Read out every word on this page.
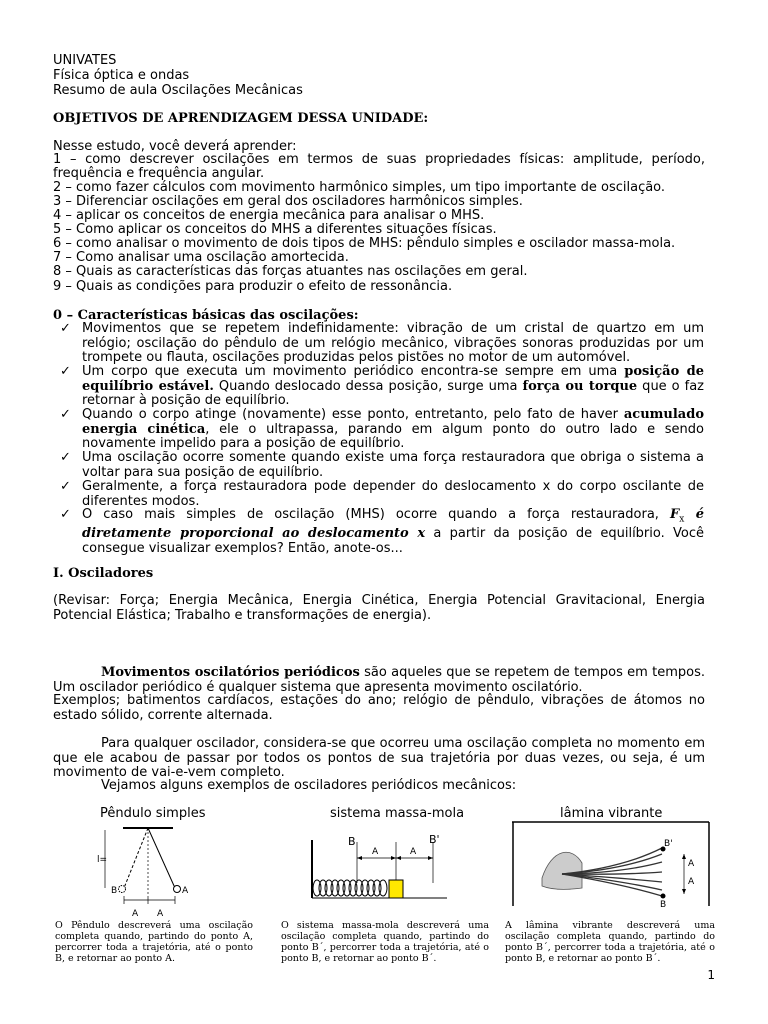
UNIVATES
Física óptica e ondas
Resumo de aula Oscilações Mecânicas
OBJETIVOS DE APRENDIZAGEM DESSA UNIDADE:
Nesse estudo, você deverá aprender:
1 – como descrever oscilações em termos de suas propriedades físicas: amplitude, período, frequência e frequência angular.
2 – como fazer cálculos com movimento harmônico simples, um tipo importante de oscilação.
3 – Diferenciar oscilações em geral dos osciladores harmônicos simples.
4 – aplicar os conceitos de energia mecânica para analisar o MHS.
5 – Como aplicar os conceitos do MHS a diferentes situações físicas.
6 – como analisar o movimento de dois tipos de MHS: pêndulo simples e oscilador massa-mola.
7 – Como analisar uma oscilação amortecida.
8 – Quais as características das forças atuantes nas oscilações em geral.
9 – Quais as condições para produzir o efeito de ressonância.
0 – Características básicas das oscilações:
✓ Movimentos que se repetem indefinidamente: vibração de um cristal de quartzo em um relógio; oscilação do pêndulo de um relógio mecânico, vibrações sonoras produzidas por um trompete ou flauta, oscilações produzidas pelos pistões no motor de um automóvel.
✓ Um corpo que executa um movimento periódico encontra-se sempre em uma posição de equilíbrio estável. Quando deslocado dessa posição, surge uma força ou torque que o faz retornar à posição de equilíbrio.
✓ Quando o corpo atinge (novamente) esse ponto, entretanto, pelo fato de haver acumulado energia cinética, ele o ultrapassa, parando em algum ponto do outro lado e sendo novamente impelido para a posição de equilíbrio.
✓ Uma oscilação ocorre somente quando existe uma força restauradora que obriga o sistema a voltar para sua posição de equilíbrio.
✓ Geralmente, a força restauradora pode depender do deslocamento x do corpo oscilante de diferentes modos.
✓ O caso mais simples de oscilação (MHS) ocorre quando a força restauradora, $F_x$ é diretamente proporcional ao deslocamento x a partir da posição de equilíbrio. Você consegue visualizar exemplos? Então, anote-os...
I. Osciladores
(Revisar: Força; Energia Mecânica, Energia Cinética, Energia Potencial Gravitacional, Energia Potencial Elástica; Trabalho e transformações de energia).
Movimentos oscilatórios periódicos são aqueles que se repetem de tempos em tempos. Um oscilador periódico é qualquer sistema que apresenta movimento oscilatório.
Exemplos; batimentos cardíacos, estações do ano; relógio de pêndulo, vibrações de átomos no estado sólido, corrente alternada.
Para qualquer oscilador, considera-se que ocorreu uma oscilação completa no momento em que ele acabou de passar por todos os pontos de sua trajetória por duas vezes, ou seja, é um movimento de vai-e-vem completo.
Vejamos alguns exemplos de osciladores periódicos mecânicos:
Pêndulo simples
l=
B	A
A A
O Pêndulo descreverá uma oscilação completa quando, partindo do ponto A, percorrer toda a trajetória, até o ponto B, e retornar ao ponto A.
sistema massa-mola
B	B'
A	A
O sistema massa-mola descreverá uma oscilação completa quando, partindo do ponto B´, percorrer toda a trajetória, até o ponto B, e retornar ao ponto B´.
lâmina vibrante
B'
B
A
A
A lâmina vibrante descreverá uma oscilação completa quando, partindo do ponto B´, percorrer toda a trajetória, até o ponto B, e retornar ao ponto B´.
1
